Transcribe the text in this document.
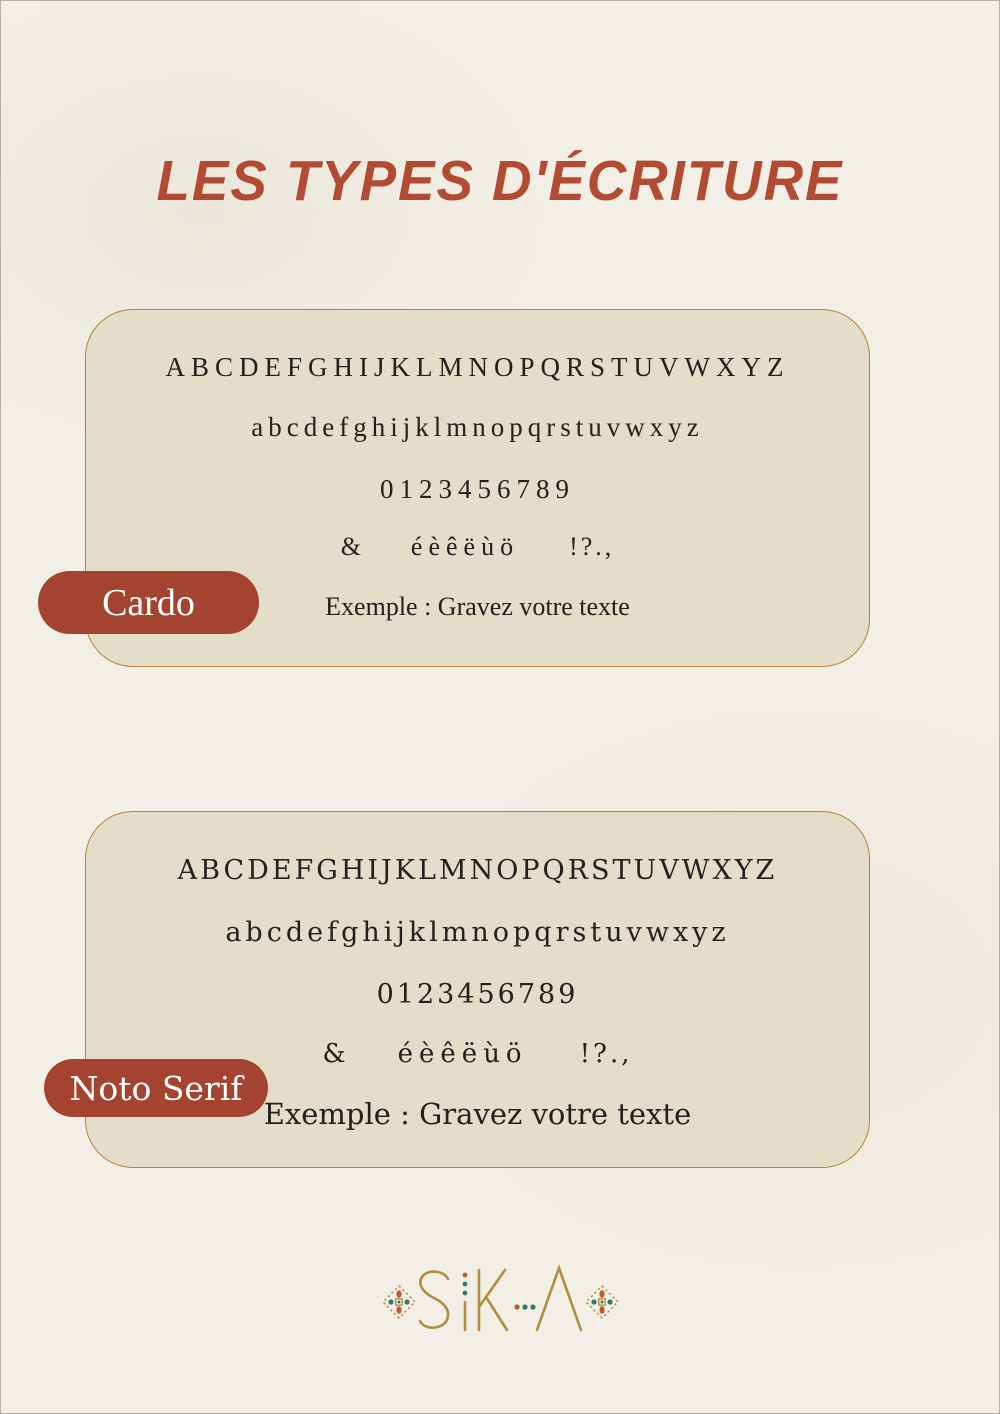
LES TYPES D'ÉCRITURE
ABCDEFGHIJKLMNOPQRSTUVWXYZ
abcdefghijklmnopqrstuvwxyz
0123456789
& éèêëùö !?.,
Exemple : Gravez votre texte
Cardo
ABCDEFGHIJKLMNOPQRSTUVWXYZ
abcdefghijklmnopqrstuvwxyz
0123456789
& éèêëùö !?.,
Exemple : Gravez votre texte
Noto Serif
